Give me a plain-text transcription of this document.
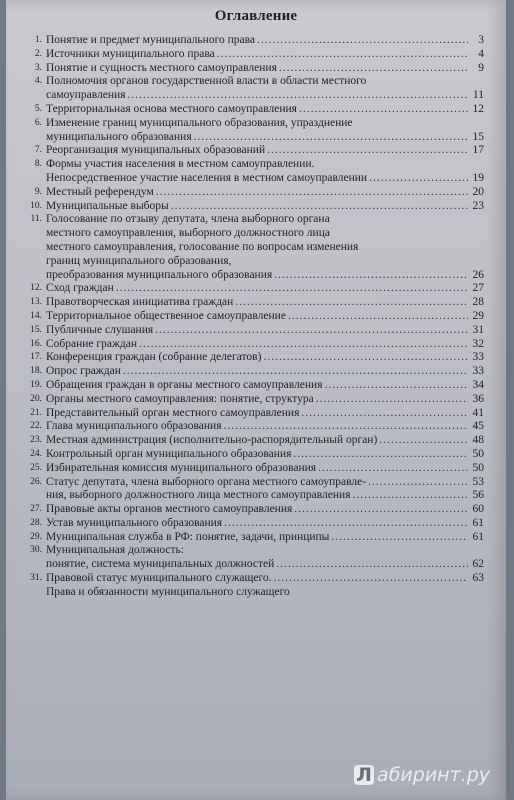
Оглавление
1. Понятие и предмет муниципального права .....	3
2. Источники муниципального права .....	4
3. Понятие и сущность местного самоуправления .....	9
4. Полномочия органов государственной власти в области местного
самоуправления .....	11
5. Территориальная основа местного самоуправления .....	12
6. Изменение границ муниципального образования, упразднение
муниципального образования .....	15
7. Реорганизация муниципальных образований .....	17
8. Формы участия населения в местном самоуправлении.
Непосредственное участие населения в местном самоуправлении .....	19
9. Местный референдум .....	20
10. Муниципальные выборы .....	23
11. Голосование по отзыву депутата, члена выборного органа
местного самоуправления, выборного должностного лица
местного самоуправления, голосование по вопросам изменения
границ муниципального образования,
преобразования муниципального образования .....	26
12. Сход граждан .....	27
13. Правотворческая инициатива граждан .....	28
14. Территориальное общественное самоуправление .....	29
15. Публичные слушания .....	31
16. Собрание граждан .....	32
17. Конференция граждан (собрание делегатов) .....	33
18. Опрос граждан .....	33
19. Обращения граждан в органы местного самоуправления .....	34
20. Органы местного самоуправления: понятие, структура .....	36
21. Представительный орган местного самоуправления .....	41
22. Глава муниципального образования .....	45
23. Местная администрация (исполнительно-распорядительный орган) .....	48
24. Контрольный орган муниципального образования .....	50
25. Избирательная комиссия муниципального образования .....	50
26. Статус депутата, члена выборного органа местного самоуправле- .....	53
ния, выборного должностного лица местного самоуправления .....	56
27. Правовые акты органов местного самоуправления .....	60
28. Устав муниципального образования .....	61
29. Муниципальная служба в РФ: понятие, задачи, принципы .....	61
30. Муниципальная должность:
понятие, система муниципальных должностей .....	62
31. Правовой статус муниципального служащего. .....	63
Права и обязанности муниципального служащего
Л абиринт.ру
